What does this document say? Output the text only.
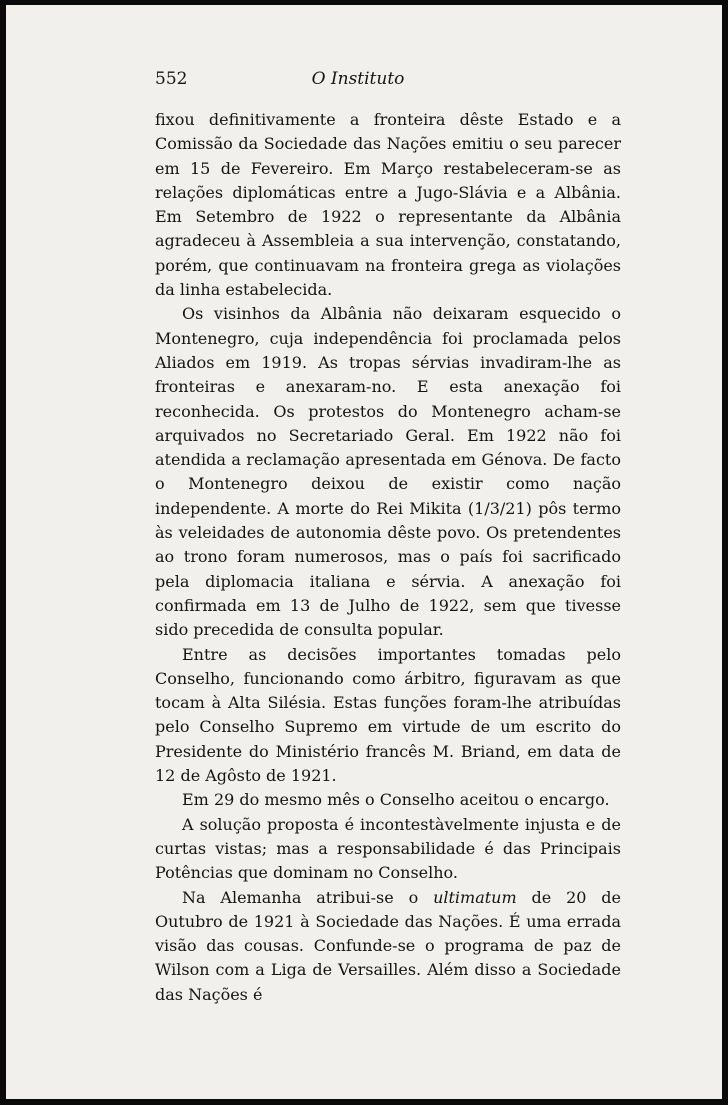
552	O Instituto

fixou definitivamente a fronteira dêste Estado e a Comissão da Sociedade das Nações emitiu o seu parecer em 15 de Fevereiro. Em Março restabeleceram-se as relações diplomáticas entre a Jugo-Slávia e a Albânia. Em Setembro de 1922 o representante da Albânia agradeceu à Assembleia a sua intervenção, constatando, porém, que continuavam na fronteira grega as violações da linha estabelecida.

Os visinhos da Albânia não deixaram esquecido o Montenegro, cuja independência foi proclamada pelos Aliados em 1919. As tropas sérvias invadiram-lhe as fronteiras e anexaram-no. E esta anexação foi reconhecida. Os protestos do Montenegro acham-se arquivados no Secretariado Geral. Em 1922 não foi atendida a reclamação apresentada em Génova. De facto o Montenegro deixou de existir como nação independente. A morte do Rei Mikita (1/3/21) pôs termo às veleidades de autonomia dêste povo. Os pretendentes ao trono foram numerosos, mas o país foi sacrificado pela diplomacia italiana e sérvia. A anexação foi confirmada em 13 de Julho de 1922, sem que tivesse sido precedida de consulta popular.

Entre as decisões importantes tomadas pelo Conselho, funcionando como árbitro, figuravam as que tocam à Alta Silésia. Estas funções foram-lhe atribuídas pelo Conselho Supremo em virtude de um escrito do Presidente do Ministério francês M. Briand, em data de 12 de Agôsto de 1921.

Em 29 do mesmo mês o Conselho aceitou o encargo.

A solução proposta é incontestàvelmente injusta e de curtas vistas; mas a responsabilidade é das Principais Potências que dominam no Conselho.

Na Alemanha atribui-se o ultimatum de 20 de Outubro de 1921 à Sociedade das Nações. É uma errada visão das cousas. Confunde-se o programa de paz de Wilson com a Liga de Versailles. Além disso a Sociedade das Nações é
